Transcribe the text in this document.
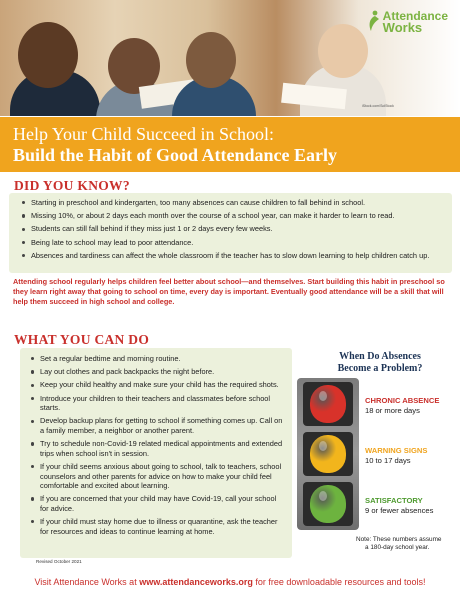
iStock.com/SolStock
Attendance
Works
Help Your Child Succeed in School:
Build the Habit of Good Attendance Early
DID YOU KNOW?
Starting in preschool and kindergarten, too many absences can cause children to fall behind in school.
Missing 10%, or about 2 days each month over the course of a school year, can make it harder to learn to read.
Students can still fall behind if they miss just 1 or 2 days every few weeks.
Being late to school may lead to poor attendance.
Absences and tardiness can affect the whole classroom if the teacher has to slow down learning to help children catch up.
Attending school regularly helps children feel better about school—and themselves. Start building this habit in preschool so they learn right away that going to school on time, every day is important. Eventually good attendance will be a skill that will help them succeed in high school and college.
WHAT YOU CAN DO
Set a regular bedtime and morning routine.
Lay out clothes and pack backpacks the night before.
Keep your child healthy and make sure your child has the required shots.
Introduce your children to their teachers and classmates before school starts.
Develop backup plans for getting to school if something comes up. Call on a family member, a neighbor or another parent.
Try to schedule non-Covid-19 related medical appointments and extended trips when school isn't in session.
If your child seems anxious about going to school, talk to teachers, school counselors and other parents for advice on how to make your child feel comfortable and excited about learning.
If you are concerned that your child may have Covid-19, call your school for advice.
If your child must stay home due to illness or quarantine, ask the teacher for resources and ideas to continue learning at home.
Revised October 2021
When Do Absences
Become a Problem?
CHRONIC ABSENCE
18 or more days
WARNING SIGNS
10 to 17 days
SATISFACTORY
9 or fewer absences
Note: These numbers assume
a 180-day school year.
Visit Attendance Works at www.attendanceworks.org for free downloadable resources and tools!
